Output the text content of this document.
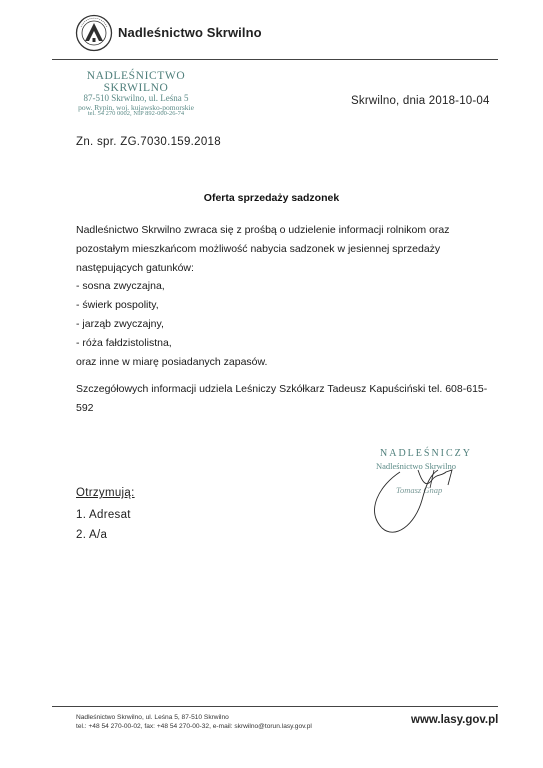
Nadleśnictwo Skrwilno
NADLEŚNICTWO SKRWILNO
87-510 Skrwilno, ul. Leśna 5
pow. Rypin, woj. kujawsko-pomorskie
tel. 54 270 0002, NIP 892-000-26-74
Skrwilno, dnia 2018-10-04
Zn. spr. ZG.7030.159.2018
Oferta sprzedaży sadzonek

Nadleśnictwo Skrwilno zwraca się z prośbą o udzielenie informacji rolnikom oraz pozostałym mieszkańcom możliwość nabycia sadzonek w jesiennej sprzedaży następujących gatunków:

- sosna zwyczajna,

- świerk pospolity,

- jarząb zwyczajny,

- róża fałdzistolistna,

oraz inne w miarę posiadanych zapasów.

Szczegółowych informacji udziela Leśniczy Szkółkarz Tadeusz Kapuściński tel. 608-615-592
NADLEŚNICZY
Nadleśnictwo Skrwilno
Tomasz Gnap
Otrzymują:
1. Adresat
2. A/a
Nadleśnictwo Skrwilno, ul. Leśna 5, 87-510 Skrwilno
tel.: +48 54 270-00-02, fax: +48 54 270-00-32, e-mail: skrwilno@torun.lasy.gov.pl
www.lasy.gov.pl
